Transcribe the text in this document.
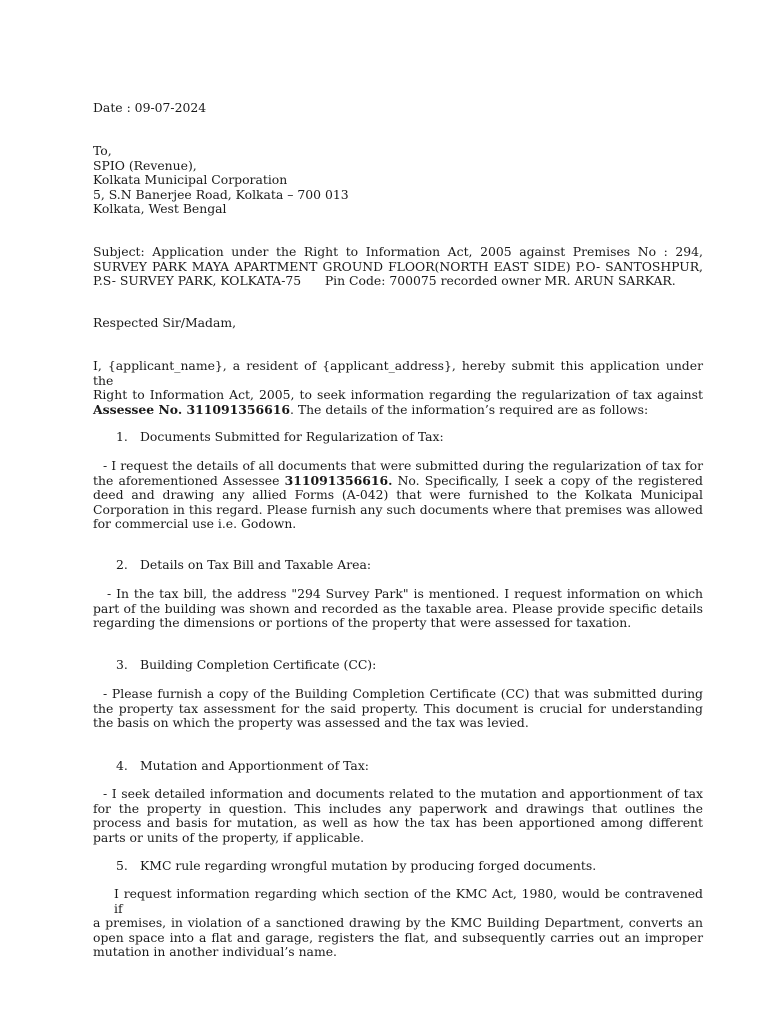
Date : 09-07-2024

To,
SPIO (Revenue),
Kolkata Municipal Corporation
5, S.N Banerjee Road, Kolkata – 700 013
Kolkata, West Bengal
Subject: Application under the Right to Information Act, 2005 against Premises No : 294,
SURVEY PARK MAYA APARTMENT GROUND FLOOR(NORTH EAST SIDE) P.O- SANTOSHPUR,
P.S- SURVEY PARK, KOLKATA-75      Pin Code: 700075 recorded owner MR. ARUN SARKAR.

Respected Sir/Madam,

I, {applicant_name}, a resident of {applicant_address}, hereby submit this application under the
Right to Information Act, 2005, to seek information regarding the regularization of tax against
Assessee No. 311091356616. The details of the information’s required are as follows:

1. Documents Submitted for Regularization of Tax:

- I request the details of all documents that were submitted during the regularization of tax for
the aforementioned Assessee 311091356616. No. Specifically, I seek a copy of the registered
deed and drawing any allied Forms (A-042) that were furnished to the Kolkata Municipal
Corporation in this regard. Please furnish any such documents where that premises was allowed
for commercial use i.e. Godown.

2. Details on Tax Bill and Taxable Area:

- In the tax bill, the address "294 Survey Park" is mentioned. I request information on which
part of the building was shown and recorded as the taxable area. Please provide specific details
regarding the dimensions or portions of the property that were assessed for taxation.

3. Building Completion Certificate (CC):

- Please furnish a copy of the Building Completion Certificate (CC) that was submitted during
the property tax assessment for the said property. This document is crucial for understanding
the basis on which the property was assessed and the tax was levied.

4. Mutation and Apportionment of Tax:

- I seek detailed information and documents related to the mutation and apportionment of tax
for the property in question. This includes any paperwork and drawings that outlines the
process and basis for mutation, as well as how the tax has been apportioned among different
parts or units of the property, if applicable.

5. KMC rule regarding wrongful mutation by producing forged documents.

I request information regarding which section of the KMC Act, 1980, would be contravened if
a premises, in violation of a sanctioned drawing by the KMC Building Department, converts an
open space into a flat and garage, registers the flat, and subsequently carries out an improper
mutation in another individual’s name.
